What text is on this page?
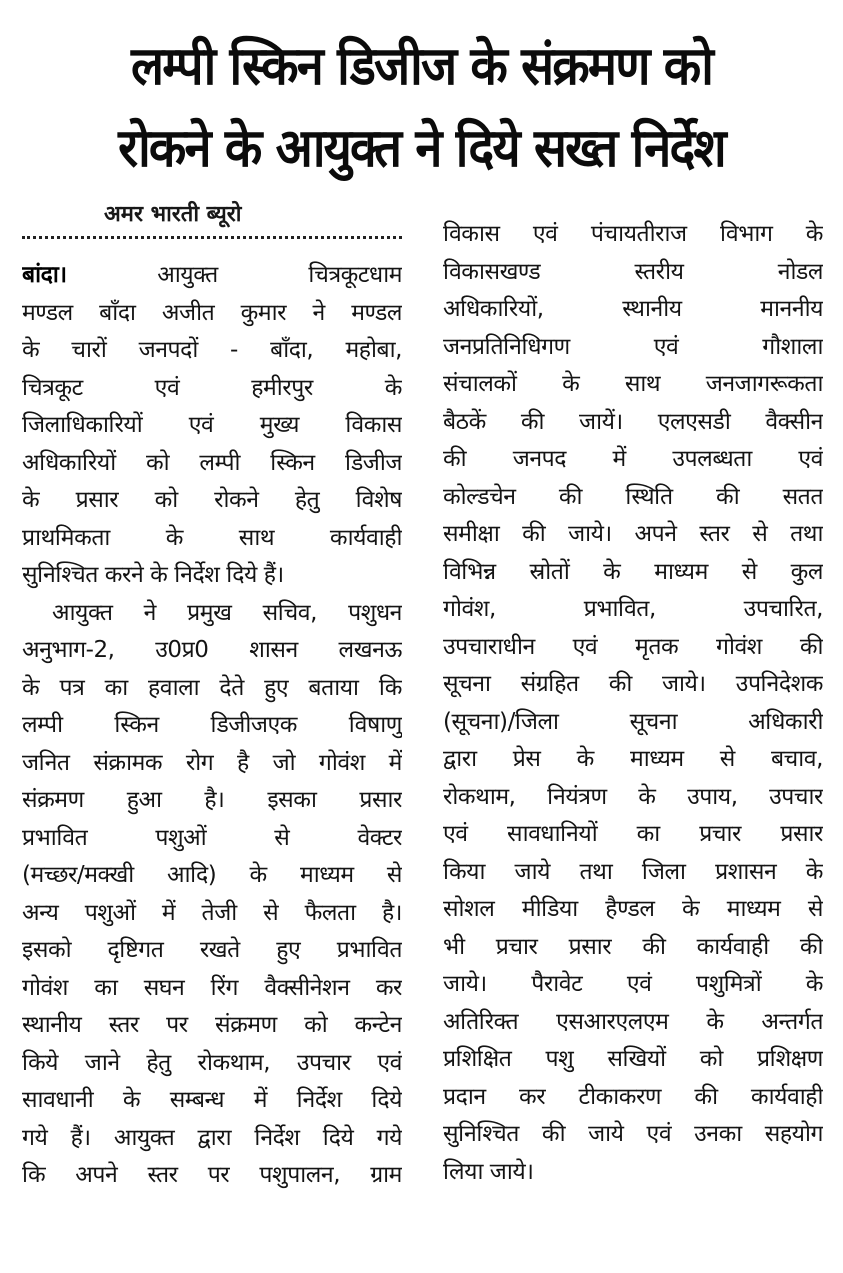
लम्पी स्किन डिजीज के संक्रमण को
रोकने के आयुक्त ने दिये सख्त निर्देश
अमर भारती ब्यूरो
बांदा।	आयुक्त चित्रकूटधाम
मण्डल बाँदा अजीत कुमार ने मण्डल
के चारों जनपदों - बाँदा, महोबा,
चित्रकूट एवं हमीरपुर के
जिलाधिकारियों एवं मुख्य विकास
अधिकारियों को लम्पी स्किन डिजीज
के प्रसार को रोकने हेतु विशेष
प्राथमिकता के साथ कार्यवाही
सुनिश्चित करने के निर्देश दिये हैं।
आयुक्त ने प्रमुख सचिव, पशुधन
अनुभाग-2, उ0प्र0 शासन लखनऊ
के पत्र का हवाला देते हुए बताया कि
लम्पी स्किन डिजीजएक विषाणु
जनित संक्रामक रोग है जो गोवंश में
संक्रमण हुआ है। इसका प्रसार
प्रभावित पशुओं से वेक्टर
(मच्छर/मक्खी आदि) के माध्यम से
अन्य पशुओं में तेजी से फैलता है।
इसको दृष्टिगत रखते हुए प्रभावित
गोवंश का सघन रिंग वैक्सीनेशन कर
स्थानीय स्तर पर संक्रमण को कन्टेन
किये जाने हेतु रोकथाम, उपचार एवं
सावधानी के सम्बन्ध में निर्देश दिये
गये हैं। आयुक्त द्वारा निर्देश दिये गये
कि अपने स्तर पर पशुपालन, ग्राम
विकास एवं पंचायतीराज विभाग के
विकासखण्ड स्तरीय नोडल
अधिकारियों, स्थानीय माननीय
जनप्रतिनिधिगण एवं गौशाला
संचालकों के साथ जनजागरूकता
बैठकें की जायें। एलएसडी वैक्सीन
की जनपद में उपलब्धता एवं
कोल्डचेन की स्थिति की सतत
समीक्षा की जाये। अपने स्तर से तथा
विभिन्न स्रोतों के माध्यम से कुल
गोवंश, प्रभावित, उपचारित,
उपचाराधीन एवं मृतक गोवंश की
सूचना संग्रहित की जाये। उपनिदेशक
(सूचना)/जिला सूचना अधिकारी
द्वारा प्रेस के माध्यम से बचाव,
रोकथाम, नियंत्रण के उपाय, उपचार
एवं सावधानियों का प्रचार प्रसार
किया जाये तथा जिला प्रशासन के
सोशल मीडिया हैण्डल के माध्यम से
भी प्रचार प्रसार की कार्यवाही की
जाये। पैरावेट एवं पशुमित्रों के
अतिरिक्त एसआरएलएम के अन्तर्गत
प्रशिक्षित पशु सखियों को प्रशिक्षण
प्रदान कर टीकाकरण की कार्यवाही
सुनिश्चित की जाये एवं उनका सहयोग
लिया जाये।
